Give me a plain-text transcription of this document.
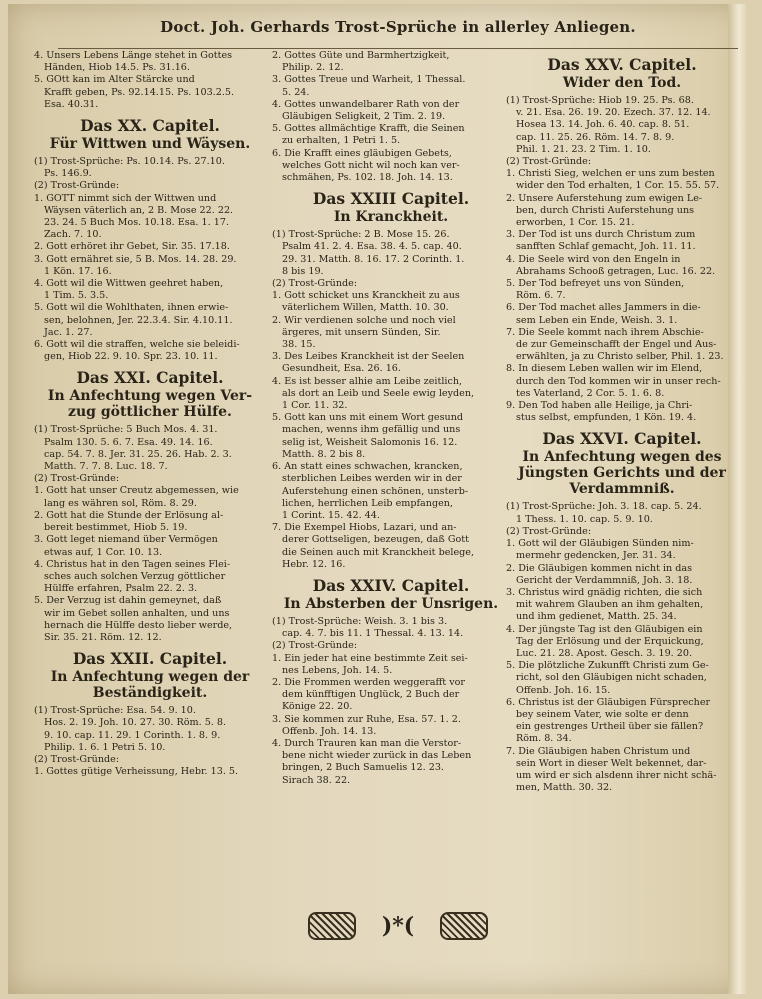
Doct. Joh. Gerhards Trost-Sprüche in allerley Anliegen.
4. Unsers Lebens Länge stehet in Gottes
Händen, Hiob 14.5. Ps. 31.16.
5. GOtt kan im Alter Stärcke und
Krafft geben, Ps. 92.14.15. Ps. 103.2.5.
Esa. 40.31.
Das XX. Capitel.
Für Wittwen und Wäysen.
(1) Trost-Sprüche: Ps. 10.14. Ps. 27.10.
Ps. 146.9.
(2) Trost-Gründe:
1. GOTT nimmt sich der Wittwen und
Wäysen väterlich an, 2 B. Mose 22. 22.
23. 24. 5 Buch Mos. 10.18. Esa. 1. 17.
Zach. 7. 10.
2. Gott erhöret ihr Gebet, Sir. 35. 17.18.
3. Gott ernähret sie, 5 B. Mos. 14. 28. 29.
1 Kön. 17. 16.
4. Gott wil die Wittwen geehret haben,
1 Tim. 5. 3.5.
5. Gott wil die Wohlthaten, ihnen erwie-
sen, belohnen, Jer. 22.3.4. Sir. 4.10.11.
Jac. 1. 27.
6. Gott wil die straffen, welche sie beleidi-
gen, Hiob 22. 9. 10. Spr. 23. 10. 11.
Das XXI. Capitel.
In Anfechtung wegen Ver-
zug göttlicher Hülfe.
(1) Trost-Sprüche: 5 Buch Mos. 4. 31.
Psalm 130. 5. 6. 7. Esa. 49. 14. 16.
cap. 54. 7. 8. Jer. 31. 25. 26. Hab. 2. 3.
Matth. 7. 7. 8. Luc. 18. 7.
(2) Trost-Gründe:
1. Gott hat unser Creutz abgemessen, wie
lang es währen sol, Röm. 8. 29.
2. Gott hat die Stunde der Erlösung al-
bereit bestimmet, Hiob 5. 19.
3. Gott leget niemand über Vermögen
etwas auf, 1 Cor. 10. 13.
4. Christus hat in den Tagen seines Flei-
sches auch solchen Verzug göttlicher
Hülffe erfahren, Psalm 22. 2. 3.
5. Der Verzug ist dahin gemeynet, daß
wir im Gebet sollen anhalten, und uns
hernach die Hülffe desto lieber werde,
Sir. 35. 21. Röm. 12. 12.
Das XXII. Capitel.
In Anfechtung wegen der
Beständigkeit.
(1) Trost-Sprüche: Esa. 54. 9. 10.
Hos. 2. 19. Joh. 10. 27. 30. Röm. 5. 8.
9. 10. cap. 11. 29. 1 Corinth. 1. 8. 9.
Philip. 1. 6. 1 Petri 5. 10.
(2) Trost-Gründe:
1. Gottes gütige Verheissung, Hebr. 13. 5.
2. Gottes Güte und Barmhertzigkeit,
Philip. 2. 12.
3. Gottes Treue und Warheit, 1 Thessal.
5. 24.
4. Gottes unwandelbarer Rath von der
Gläubigen Seligkeit, 2 Tim. 2. 19.
5. Gottes allmächtige Krafft, die Seinen
zu erhalten, 1 Petri 1. 5.
6. Die Krafft eines gläubigen Gebets,
welches Gott nicht wil noch kan ver-
schmähen, Ps. 102. 18. Joh. 14. 13.
Das XXIII Capitel.
In Kranckheit.
(1) Trost-Sprüche: 2 B. Mose 15. 26.
Psalm 41. 2. 4. Esa. 38. 4. 5. cap. 40.
29. 31. Matth. 8. 16. 17. 2 Corinth. 1.
8 bis 19.
(2) Trost-Gründe:
1. Gott schicket uns Kranckheit zu aus
väterlichem Willen, Matth. 10. 30.
2. Wir verdienen solche und noch viel
ärgeres, mit unsern Sünden, Sir.
38. 15.
3. Des Leibes Kranckheit ist der Seelen
Gesundheit, Esa. 26. 16.
4. Es ist besser alhie am Leibe zeitlich,
als dort an Leib und Seele ewig leyden,
1 Cor. 11. 32.
5. Gott kan uns mit einem Wort gesund
machen, wenns ihm gefällig und uns
selig ist, Weisheit Salomonis 16. 12.
Matth. 8. 2 bis 8.
6. An statt eines schwachen, krancken,
sterblichen Leibes werden wir in der
Auferstehung einen schönen, unsterb-
lichen, herrlichen Leib empfangen,
1 Corint. 15. 42. 44.
7. Die Exempel Hiobs, Lazari, und an-
derer Gottseligen, bezeugen, daß Gott
die Seinen auch mit Kranckheit belege,
Hebr. 12. 16.
Das XXIV. Capitel.
In Absterben der Unsrigen.
(1) Trost-Sprüche: Weish. 3. 1 bis 3.
cap. 4. 7. bis 11. 1 Thessal. 4. 13. 14.
(2) Trost-Gründe:
1. Ein jeder hat eine bestimmte Zeit sei-
nes Lebens, Joh. 14. 5.
2. Die Frommen werden weggerafft vor
dem künfftigen Unglück, 2 Buch der
Könige 22. 20.
3. Sie kommen zur Ruhe, Esa. 57. 1. 2.
Offenb. Joh. 14. 13.
4. Durch Trauren kan man die Verstor-
bene nicht wieder zurück in das Leben
bringen, 2 Buch Samuelis 12. 23.
Sirach 38. 22.
Das XXV. Capitel.
Wider den Tod.
(1) Trost-Sprüche: Hiob 19. 25. Ps. 68.
v. 21. Esa. 26. 19. 20. Ezech. 37. 12. 14.
Hosea 13. 14. Joh. 6. 40. cap. 8. 51.
cap. 11. 25. 26. Röm. 14. 7. 8. 9.
Phil. 1. 21. 23. 2 Tim. 1. 10.
(2) Trost-Gründe:
1. Christi Sieg, welchen er uns zum besten
wider den Tod erhalten, 1 Cor. 15. 55. 57.
2. Unsere Auferstehung zum ewigen Le-
ben, durch Christi Auferstehung uns
erworben, 1 Cor. 15. 21.
3. Der Tod ist uns durch Christum zum
sanfften Schlaf gemacht, Joh. 11. 11.
4. Die Seele wird von den Engeln in
Abrahams Schooß getragen, Luc. 16. 22.
5. Der Tod befreyet uns von Sünden,
Röm. 6. 7.
6. Der Tod machet alles Jammers in die-
sem Leben ein Ende, Weish. 3. 1.
7. Die Seele kommt nach ihrem Abschie-
de zur Gemeinschafft der Engel und Aus-
erwählten, ja zu Christo selber, Phil. 1. 23.
8. In diesem Leben wallen wir im Elend,
durch den Tod kommen wir in unser rech-
tes Vaterland, 2 Cor. 5. 1. 6. 8.
9. Den Tod haben alle Heilige, ja Chri-
stus selbst, empfunden, 1 Kön. 19. 4.
Das XXVI. Capitel.
In Anfechtung wegen des
Jüngsten Gerichts und der
Verdammniß.
(1) Trost-Sprüche: Joh. 3. 18. cap. 5. 24.
1 Thess. 1. 10. cap. 5. 9. 10.
(2) Trost-Gründe:
1. Gott wil der Gläubigen Sünden nim-
mermehr gedencken, Jer. 31. 34.
2. Die Gläubigen kommen nicht in das
Gericht der Verdammniß, Joh. 3. 18.
3. Christus wird gnädig richten, die sich
mit wahrem Glauben an ihm gehalten,
und ihm gedienet, Matth. 25. 34.
4. Der jüngste Tag ist den Gläubigen ein
Tag der Erlösung und der Erquickung,
Luc. 21. 28. Apost. Gesch. 3. 19. 20.
5. Die plötzliche Zukunfft Christi zum Ge-
richt, sol den Gläubigen nicht schaden,
Offenb. Joh. 16. 15.
6. Christus ist der Gläubigen Fürsprecher
bey seinem Vater, wie solte er denn
ein gestrenges Urtheil über sie fällen?
Röm. 8. 34.
7. Die Gläubigen haben Christum und
sein Wort in dieser Welt bekennet, dar-
um wird er sich alsdenn ihrer nicht schä-
men, Matth. 30. 32.
)*(
